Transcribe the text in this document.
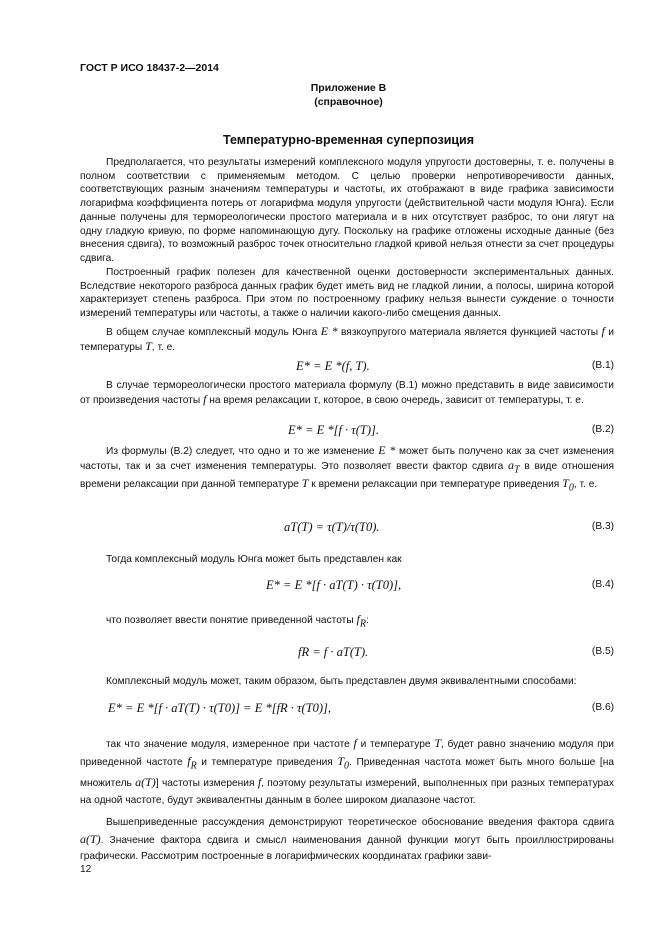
ГОСТ Р ИСО 18437-2—2014
Приложение В
(справочное)
Температурно-временная суперпозиция

Предполагается, что результаты измерений комплексного модуля упругости достоверны, т. е. получены в полном соответствии с применяемым методом. С целью проверки непротиворечивости данных, соответствующих разным значениям температуры и частоты, их отображают в виде графика зависимости логарифма коэффициента потерь от логарифма модуля упругости (действительной части модуля Юнга). Если данные получены для термореологически простого материала и в них отсутствует разброс, то они лягут на одну гладкую кривую, по форме напоминающую дугу. Поскольку на графике отложены исходные данные (без внесения сдвига), то возможный разброс точек относительно гладкой кривой нельзя отнести за счет процедуры сдвига.

Построенный график полезен для качественной оценки достоверности экспериментальных данных. Вследствие некоторого разброса данных график будет иметь вид не гладкой линии, а полосы, ширина которой характеризует степень разброса. При этом по построенному графику нельзя вынести суждение о точности измерений температуры или частоты, а также о наличии какого-либо смещения данных.

В общем случае комплексный модуль Юнга E * вязкоупругого материала является функцией частоты f и температуры T, т. е.

E* = E *(f, T).	(В.1)

В случае термореологически простого материала формулу (В.1) можно представить в виде зависимости от произведения частоты f на время релаксации τ, которое, в свою очередь, зависит от температуры, т. е.

E* = E *[f · τ(T)].	(В.2)

Из формулы (В.2) следует, что одно и то же изменение E * может быть получено как за счет изменения частоты, так и за счет изменения температуры. Это позволяет ввести фактор сдвига $a_T$ в виде отношения времени релаксации при данной температуре T к времени релаксации при температуре приведения $T_0$, т. е.

aT(T) = τ(T)/τ(T0).	(В.3)
Тогда комплексный модуль Юнга может быть представлен как
E* = E *[f · aT(T) · τ(T0)],	(В.4)
что позволяет ввести понятие приведенной частоты $f_R$:
fR = f · aT(T).	(В.5)
Комплексный модуль может, таким образом, быть представлен двумя эквивалентными способами:
E* = E *[f · aT(T) · τ(T0)] = E *[fR · τ(T0)],	(В.6)

так что значение модуля, измеренное при частоте f и температуре T, будет равно значению модуля при приведенной частоте $f_R$ и температуре приведения $T_0$. Приведенная частота может быть много больше [на множитель a(T)] частоты измерения f, поэтому результаты измерений, выполненных при разных температурах на одной частоте, будут эквивалентны данным в более широком диапазоне частот.

Вышеприведенные рассуждения демонстрируют теоретическое обоснование введения фактора сдвига a(T). Значение фактора сдвига и смысл наименования данной функции могут быть проиллюстрированы графически. Рассмотрим построенные в логарифмических координатах графики зави-

12
